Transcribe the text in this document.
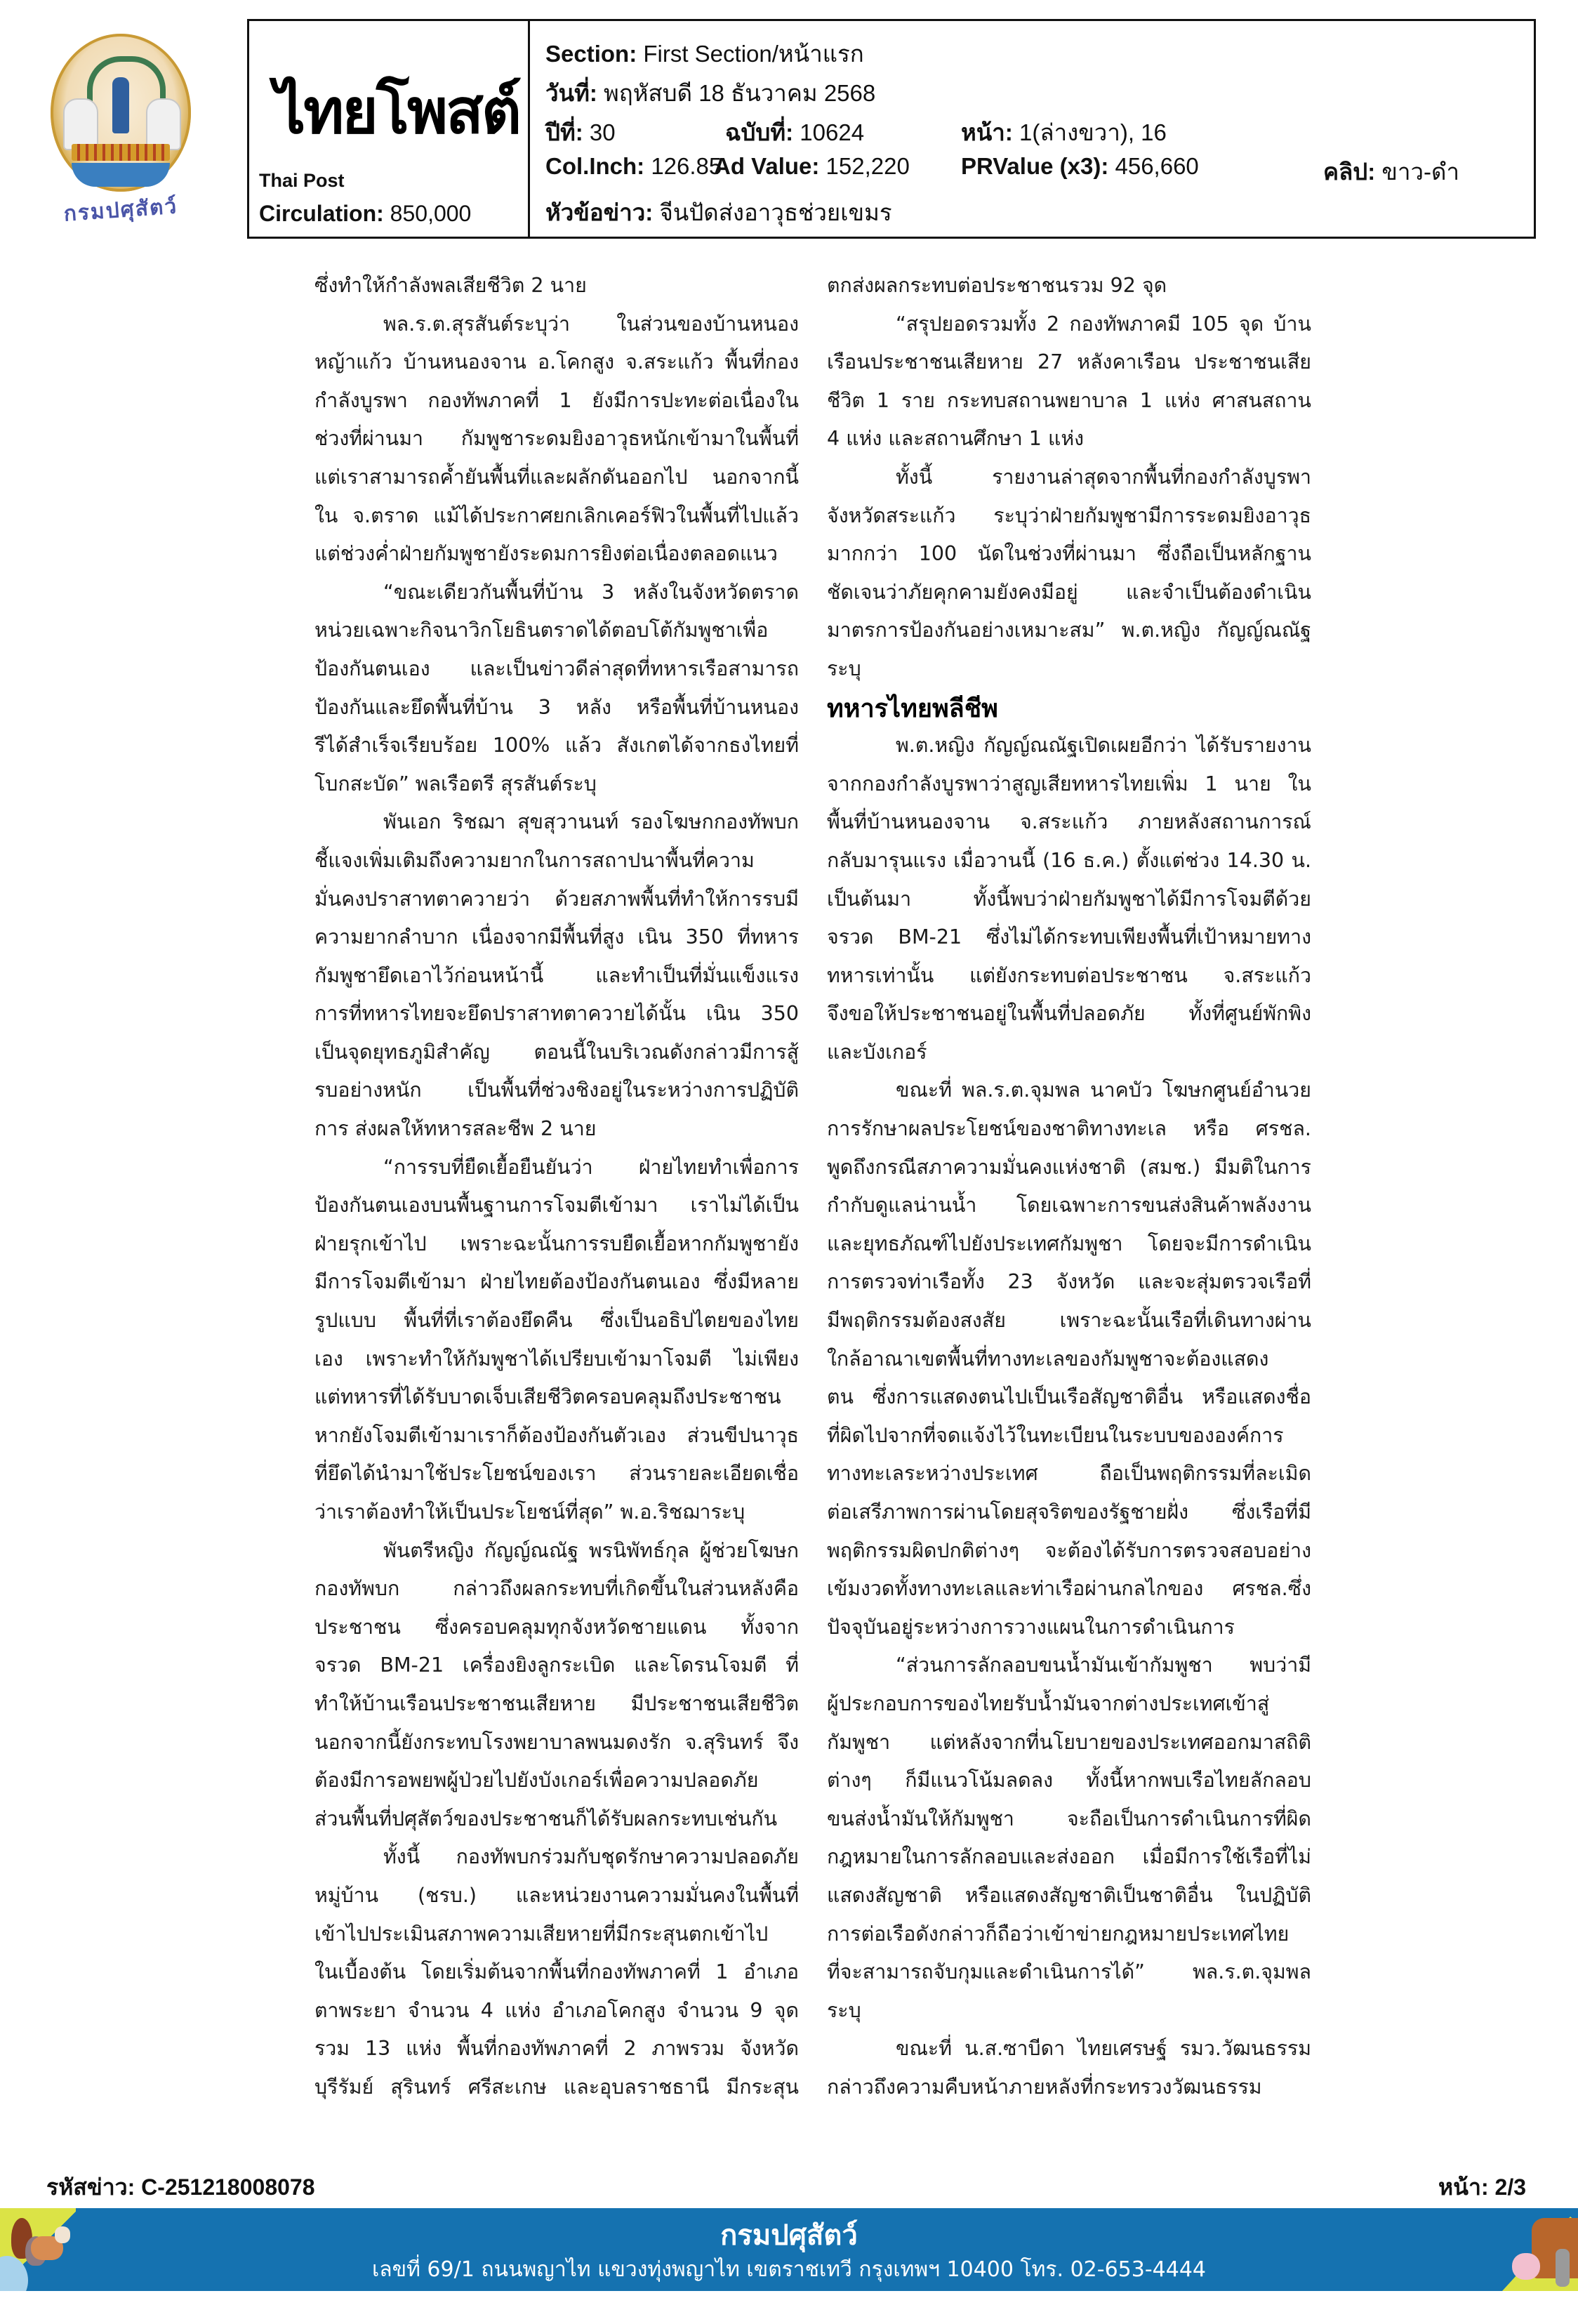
กรมปศุสัตว์
ไทยโพสต์
Thai Post
Circulation: 850,000
Section: First Section/หน้าแรก
วันที่: พฤหัสบดี 18 ธันวาคม 2568
ปีที่: 30	ฉบับที่: 10624	หน้า: 1(ล่างขวา), 16
Col.Inch: 126.85
Ad Value: 152,220 PRValue (x3): 456,660	คลิป: ขาว-ดำ
หัวข้อข่าว: จีนปัดส่งอาวุธช่วยเขมร
ซึ่งทำให้กำลังพลเสียชีวิต 2 นาย
พล.ร.ต.สุรสันต์ระบุว่า ในส่วนของบ้านหนอง
หญ้าแก้ว บ้านหนองจาน อ.โคกสูง จ.สระแก้ว พื้นที่กอง
กำลังบูรพา กองทัพภาคที่ 1 ยังมีการปะทะต่อเนื่องใน
ช่วงที่ผ่านมา กัมพูชาระดมยิงอาวุธหนักเข้ามาในพื้นที่
แต่เราสามารถค้ำยันพื้นที่และผลักดันออกไป นอกจากนี้
ใน จ.ตราด แม้ได้ประกาศยกเลิกเคอร์ฟิวในพื้นที่ไปแล้ว
แต่ช่วงค่ำฝ่ายกัมพูชายังระดมการยิงต่อเนื่องตลอดแนว
“ขณะเดียวกันพื้นที่บ้าน 3 หลังในจังหวัดตราด
หน่วยเฉพาะกิจนาวิกโยธินตราดได้ตอบโต้กัมพูชาเพื่อ
ป้องกันตนเอง และเป็นข่าวดีล่าสุดที่ทหารเรือสามารถ
ป้องกันและยึดพื้นที่บ้าน 3 หลัง หรือพื้นที่บ้านหนอง
รีได้สำเร็จเรียบร้อย 100% แล้ว สังเกตได้จากธงไทยที่
โบกสะบัด” พลเรือตรี สุรสันต์ระบุ
พันเอก ริชฌา สุขสุวานนท์ รองโฆษกกองทัพบก
ชี้แจงเพิ่มเติมถึงความยากในการสถาปนาพื้นที่ความ
มั่นคงปราสาทตาควายว่า ด้วยสภาพพื้นที่ทำให้การรบมี
ความยากลำบาก เนื่องจากมีพื้นที่สูง เนิน 350 ที่ทหาร
กัมพูชายึดเอาไว้ก่อนหน้านี้ และทำเป็นที่มั่นแข็งแรง
การที่ทหารไทยจะยึดปราสาทตาควายได้นั้น เนิน 350
เป็นจุดยุทธภูมิสำคัญ ตอนนี้ในบริเวณดังกล่าวมีการสู้
รบอย่างหนัก เป็นพื้นที่ช่วงชิงอยู่ในระหว่างการปฏิบัติ
การ ส่งผลให้ทหารสละชีพ 2 นาย
“การรบที่ยืดเยื้อยืนยันว่า ฝ่ายไทยทำเพื่อการ
ป้องกันตนเองบนพื้นฐานการโจมตีเข้ามา เราไม่ได้เป็น
ฝ่ายรุกเข้าไป เพราะฉะนั้นการรบยืดเยื้อหากกัมพูชายัง
มีการโจมตีเข้ามา ฝ่ายไทยต้องป้องกันตนเอง ซึ่งมีหลาย
รูปแบบ พื้นที่ที่เราต้องยึดคืน ซึ่งเป็นอธิปไตยของไทย
เอง เพราะทำให้กัมพูชาได้เปรียบเข้ามาโจมตี ไม่เพียง
แต่ทหารที่ได้รับบาดเจ็บเสียชีวิตครอบคลุมถึงประชาชน
หากยังโจมตีเข้ามาเราก็ต้องป้องกันตัวเอง ส่วนขีปนาวุธ
ที่ยึดได้นำมาใช้ประโยชน์ของเรา ส่วนรายละเอียดเชื่อ
ว่าเราต้องทำให้เป็นประโยชน์ที่สุด” พ.อ.ริชฌาระบุ
พันตรีหญิง กัญญ์ณณัฐ พรนิพัทธ์กุล ผู้ช่วยโฆษก
กองทัพบก กล่าวถึงผลกระทบที่เกิดขึ้นในส่วนหลังคือ
ประชาชน ซึ่งครอบคลุมทุกจังหวัดชายแดน ทั้งจาก
จรวด BM-21 เครื่องยิงลูกระเบิด และโดรนโจมตี ที่
ทำให้บ้านเรือนประชาชนเสียหาย มีประชาชนเสียชีวิต
นอกจากนี้ยังกระทบโรงพยาบาลพนมดงรัก จ.สุรินทร์ จึง
ต้องมีการอพยพผู้ป่วยไปยังบังเกอร์เพื่อความปลอดภัย
ส่วนพื้นที่ปศุสัตว์ของประชาชนก็ได้รับผลกระทบเช่นกัน
ทั้งนี้ กองทัพบกร่วมกับชุดรักษาความปลอดภัย
หมู่บ้าน (ชรบ.) และหน่วยงานความมั่นคงในพื้นที่
เข้าไปประเมินสภาพความเสียหายที่มีกระสุนตกเข้าไป
ในเบื้องต้น โดยเริ่มต้นจากพื้นที่กองทัพภาคที่ 1 อำเภอ
ตาพระยา จำนวน 4 แห่ง อำเภอโคกสูง จำนวน 9 จุด
รวม 13 แห่ง พื้นที่กองทัพภาคที่ 2 ภาพรวม จังหวัด
บุรีรัมย์ สุรินทร์ ศรีสะเกษ และอุบลราชธานี มีกระสุน
ตกส่งผลกระทบต่อประชาชนรวม 92 จุด
“สรุปยอดรวมทั้ง 2 กองทัพภาคมี 105 จุด บ้าน
เรือนประชาชนเสียหาย 27 หลังคาเรือน ประชาชนเสีย
ชีวิต 1 ราย กระทบสถานพยาบาล 1 แห่ง ศาสนสถาน
4 แห่ง และสถานศึกษา 1 แห่ง
ทั้งนี้ รายงานล่าสุดจากพื้นที่กองกำลังบูรพา
จังหวัดสระแก้ว ระบุว่าฝ่ายกัมพูชามีการระดมยิงอาวุธ
มากกว่า 100 นัดในช่วงที่ผ่านมา ซึ่งถือเป็นหลักฐาน
ชัดเจนว่าภัยคุกคามยังคงมีอยู่ และจำเป็นต้องดำเนิน
มาตรการป้องกันอย่างเหมาะสม” พ.ต.หญิง กัญญ์ณณัฐ
ระบุ
ทหารไทยพลีชีพ
พ.ต.หญิง กัญญ์ณณัฐเปิดเผยอีกว่า ได้รับรายงาน
จากกองกำลังบูรพาว่าสูญเสียทหารไทยเพิ่ม 1 นาย ใน
พื้นที่บ้านหนองจาน จ.สระแก้ว ภายหลังสถานการณ์
กลับมารุนแรง เมื่อวานนี้ (16 ธ.ค.) ตั้งแต่ช่วง 14.30 น.
เป็นต้นมา ทั้งนี้พบว่าฝ่ายกัมพูชาได้มีการโจมตีด้วย
จรวด BM-21 ซึ่งไม่ได้กระทบเพียงพื้นที่เป้าหมายทาง
ทหารเท่านั้น แต่ยังกระทบต่อประชาชน จ.สระแก้ว
จึงขอให้ประชาชนอยู่ในพื้นที่ปลอดภัย ทั้งที่ศูนย์พักพิง
และบังเกอร์
ขณะที่ พล.ร.ต.จุมพล นาคบัว โฆษกศูนย์อำนวย
การรักษาผลประโยชน์ของชาติทางทะเล หรือ ศรชล.
พูดถึงกรณีสภาความมั่นคงแห่งชาติ (สมช.) มีมติในการ
กำกับดูแลน่านน้ำ โดยเฉพาะการขนส่งสินค้าพลังงาน
และยุทธภัณฑ์ไปยังประเทศกัมพูชา โดยจะมีการดำเนิน
การตรวจท่าเรือทั้ง 23 จังหวัด และจะสุ่มตรวจเรือที่
มีพฤติกรรมต้องสงสัย เพราะฉะนั้นเรือที่เดินทางผ่าน
ใกล้อาณาเขตพื้นที่ทางทะเลของกัมพูชาจะต้องแสดง
ตน ซึ่งการแสดงตนไปเป็นเรือสัญชาติอื่น หรือแสดงชื่อ
ที่ผิดไปจากที่จดแจ้งไว้ในทะเบียนในระบบขององค์การ
ทางทะเลระหว่างประเทศ ถือเป็นพฤติกรรมที่ละเมิด
ต่อเสรีภาพการผ่านโดยสุจริตของรัฐชายฝั่ง ซึ่งเรือที่มี
พฤติกรรมผิดปกติต่างๆ จะต้องได้รับการตรวจสอบอย่าง
เข้มงวดทั้งทางทะเลและท่าเรือผ่านกลไกของ ศรชล.ซึ่ง
ปัจจุบันอยู่ระหว่างการวางแผนในการดำเนินการ
“ส่วนการลักลอบขนน้ำมันเข้ากัมพูชา พบว่ามี
ผู้ประกอบการของไทยรับน้ำมันจากต่างประเทศเข้าสู่
กัมพูชา แต่หลังจากที่นโยบายของประเทศออกมาสถิติ
ต่างๆ ก็มีแนวโน้มลดลง ทั้งนี้หากพบเรือไทยลักลอบ
ขนส่งน้ำมันให้กัมพูชา จะถือเป็นการดำเนินการที่ผิด
กฎหมายในการลักลอบและส่งออก เมื่อมีการใช้เรือที่ไม่
แสดงสัญชาติ หรือแสดงสัญชาติเป็นชาติอื่น ในปฏิบัติ
การต่อเรือดังกล่าวก็ถือว่าเข้าข่ายกฎหมายประเทศไทย
ที่จะสามารถจับกุมและดำเนินการได้” พล.ร.ต.จุมพล
ระบุ
ขณะที่ น.ส.ซาบีดา ไทยเศรษฐ์ รมว.วัฒนธรรม
กล่าวถึงความคืบหน้าภายหลังที่กระทรวงวัฒนธรรม
รหัสข่าว: C-251218008078	หน้า: 2/3
กรมปศุสัตว์
เลขที่ 69/1 ถนนพญาไท แขวงทุ่งพญาไท เขตราชเทวี กรุงเทพฯ 10400 โทร. 02-653-4444
